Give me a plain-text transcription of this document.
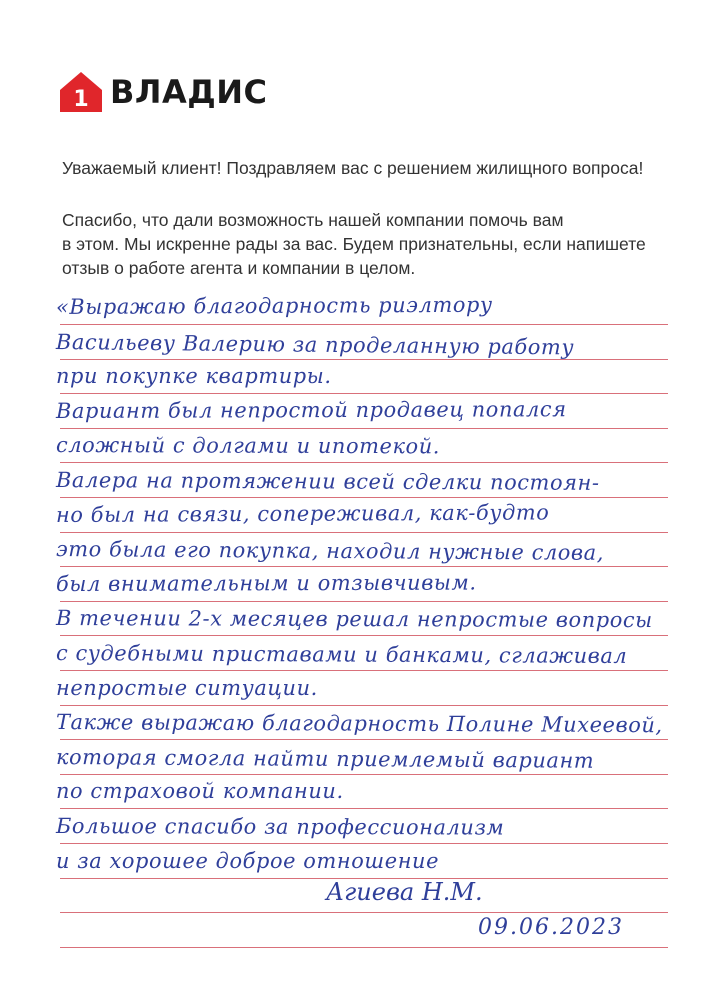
1 ВЛАДИС
Уважаемый клиент! Поздравляем вас с решением жилищного вопроса!
Спасибо, что дали возможность нашей компании помочь вам
в этом. Мы искренне рады за вас. Будем признательны, если напишете
отзыв о работе агента и компании в целом.
«Выражаю благодарность риэлтору
Васильеву Валерию за проделанную работу
при покупке квартиры.
Вариант был непростой продавец попался
сложный с долгами и ипотекой.
Валера на протяжении всей сделки постоян-
но был на связи, сопереживал, как-будто
это была его покупка, находил нужные слова,
был внимательным и отзывчивым.
В течении 2-х месяцев решал непростые вопросы
с судебными приставами и банками, сглаживал
непростые ситуации.
Также выражаю благодарность Полине Михеевой,
которая смогла найти приемлемый вариант
по страховой компании.
Большое спасибо за профессионализм
и за хорошее доброе отношение
Агиева Н.М.
09.06.2023
